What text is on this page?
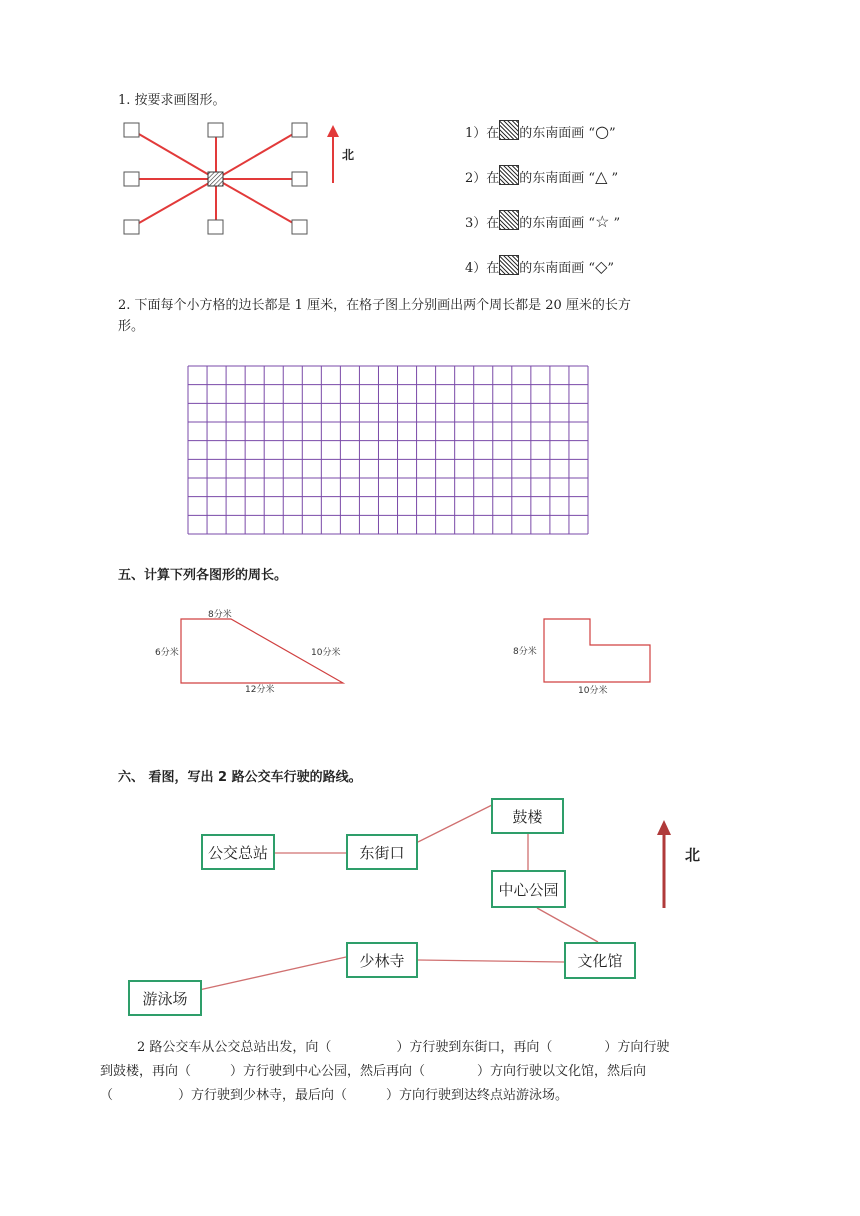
1. 按要求画图形。
北
1）在 的东南面画 “○”
2）在 的东南面画 “△ ”
3）在 的东南面画 “☆ ”
4）在 的东南面画 “◇”
2. 下面每个小方格的边长都是 1 厘米，在格子图上分别画出两个周长都是 20 厘米的长方
形。
五、计算下列各图形的周长。
8分米
6分米	10分米
12分米
8分米
10分米
六、 看图，写出 2 路公交车行驶的路线。
北
公交总站	东街口
鼓楼
中心公园
文化馆
少林寺
游泳场
2 路公交车从公交总站出发，向（　　　　　）方行驶到东街口，再向（　　　　）方向行驶
到鼓楼，再向（　　　）方行驶到中心公园，然后再向（　　　　）方向行驶以文化馆，然后向
（　　　　　）方行驶到少林寺，最后向（　　　）方向行驶到达终点站游泳场。
